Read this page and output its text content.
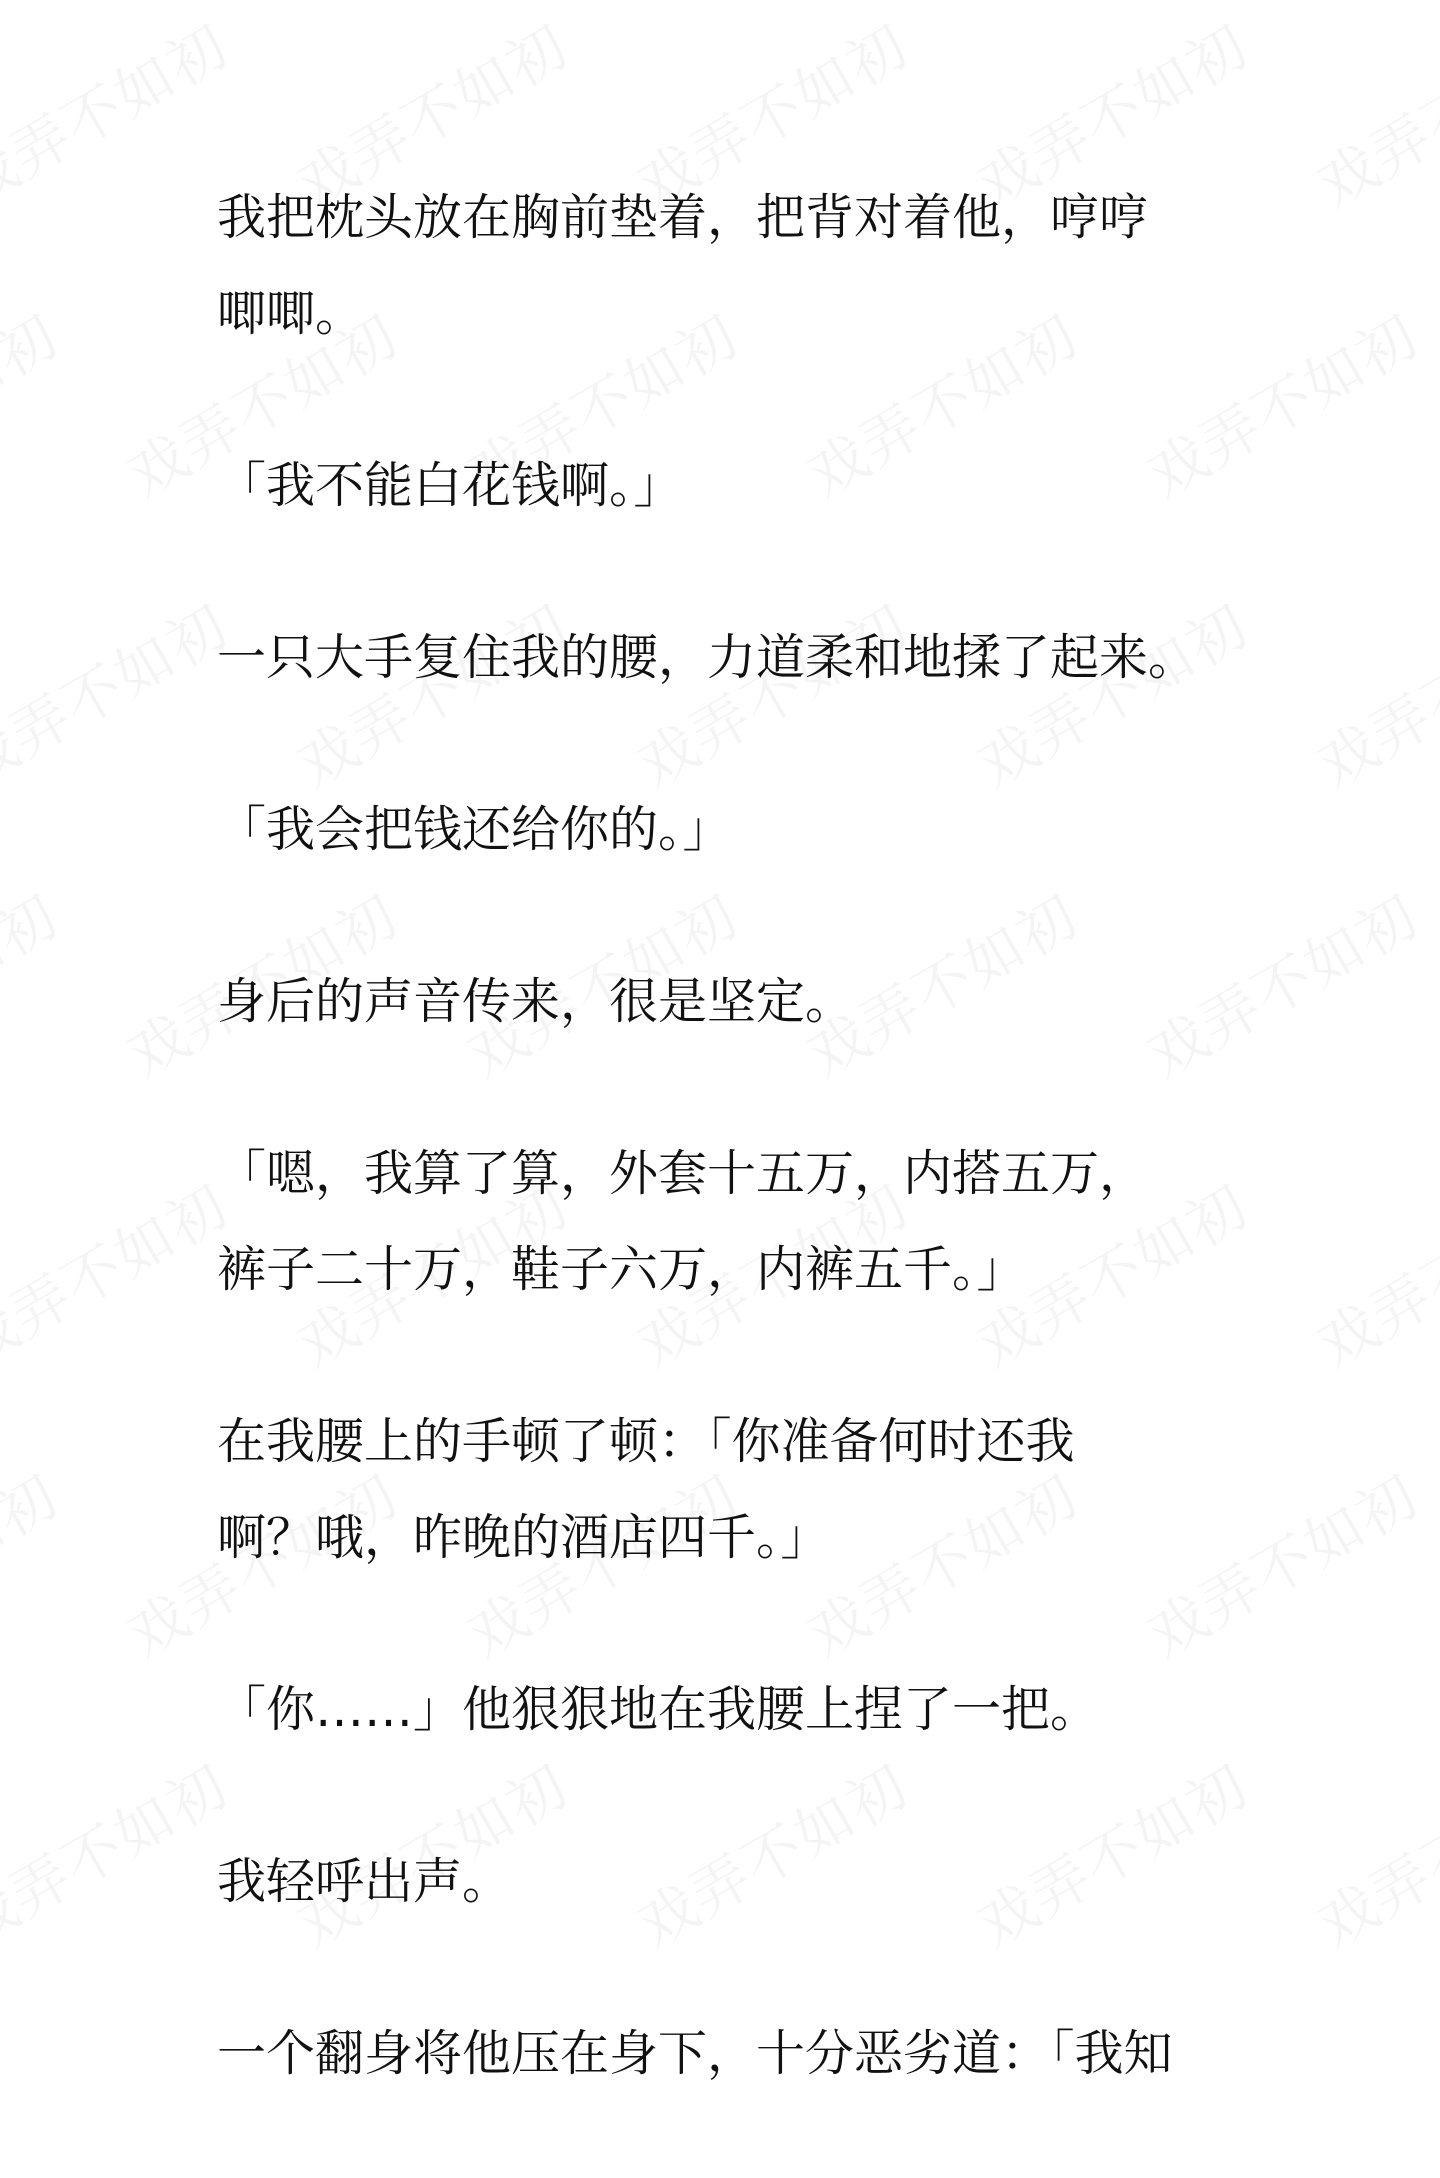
我把枕头放在胸前垫着，把背对着他，哼哼
唧唧。

「我不能白花钱啊。」

一只大手复住我的腰，力道柔和地揉了起来。

「我会把钱还给你的。」

身后的声音传来，很是坚定。

「嗯，我算了算，外套十五万，内搭五万，
裤子二十万，鞋子六万，内裤五千。」

在我腰上的手顿了顿：「你准备何时还我
啊？哦，昨晚的酒店四千。」

「你……」他狠狠地在我腰上捏了一把。

我轻呼出声。

一个翻身将他压在身下，十分恶劣道：「我知
